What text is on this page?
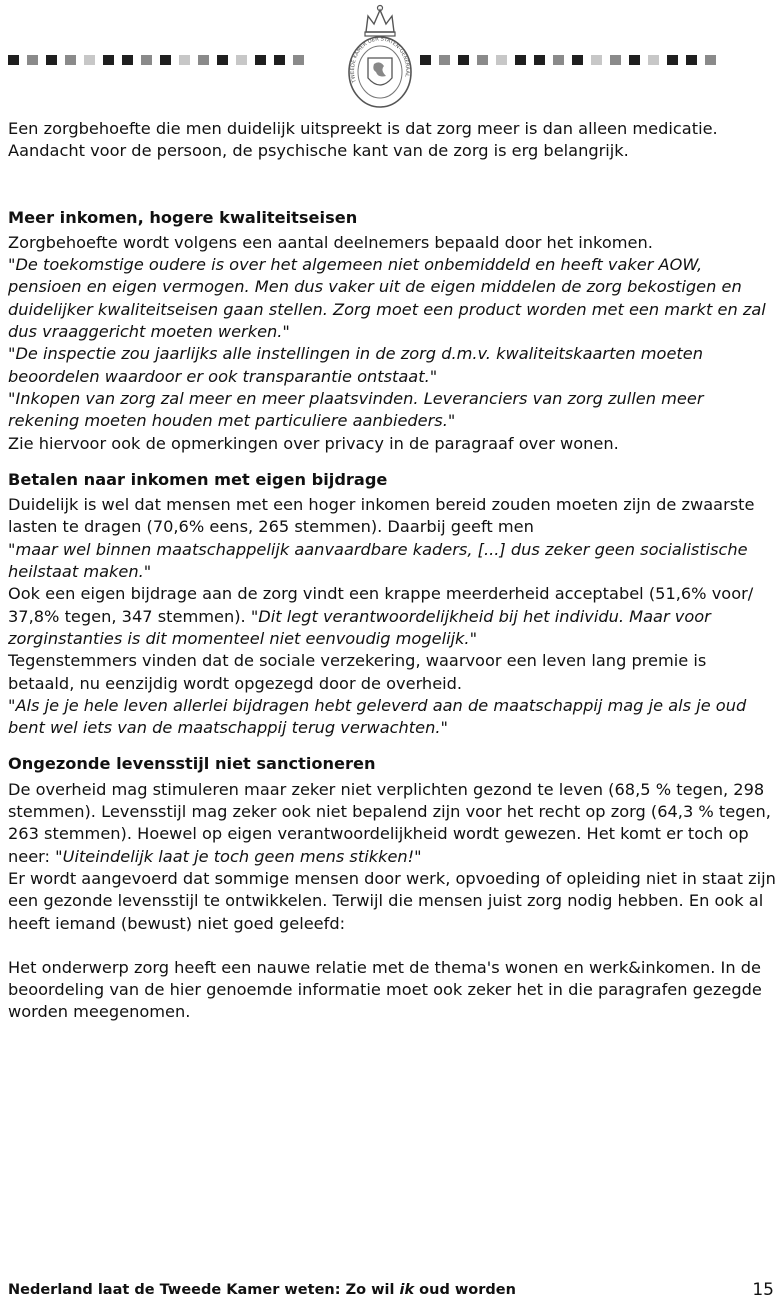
TWEEDE KAMER DER STATEN-GENERAAL

Een zorgbehoefte die men duidelijk uitspreekt is dat zorg meer is dan alleen medicatie. Aandacht voor de persoon, de psychische kant van de zorg is erg belangrijk.

Meer inkomen, hogere kwaliteitseisen

Zorgbehoefte wordt volgens een aantal deelnemers bepaald door het inkomen.

"De toekomstige oudere is over het algemeen niet onbemiddeld en heeft vaker AOW, pensioen en eigen vermogen. Men dus vaker uit de eigen middelen de zorg bekostigen en duidelijker kwaliteitseisen gaan stellen. Zorg moet een product worden met een markt en zal dus vraaggericht moeten werken."

"De inspectie zou jaarlijks alle instellingen in de zorg d.m.v. kwaliteitskaarten moeten beoordelen waardoor er ook transparantie ontstaat."

"Inkopen van zorg zal meer en meer plaatsvinden. Leveranciers van zorg zullen meer rekening moeten houden met particuliere aanbieders."

Zie hiervoor ook de opmerkingen over privacy in de paragraaf over wonen.

Betalen naar inkomen met eigen bijdrage

Duidelijk is wel dat mensen met een hoger inkomen bereid zouden moeten zijn de zwaarste lasten te dragen (70,6% eens, 265 stemmen). Daarbij geeft men

"maar wel binnen maatschappelijk aanvaardbare kaders, [...] dus zeker geen socialistische heilstaat maken."

Ook een eigen bijdrage aan de zorg vindt een krappe meerderheid acceptabel (51,6% voor/ 37,8% tegen, 347 stemmen). "Dit legt verantwoordelijkheid bij het individu. Maar voor zorginstanties is dit momenteel niet eenvoudig mogelijk."

Tegenstemmers vinden dat de sociale verzekering, waarvoor een leven lang premie is betaald, nu eenzijdig wordt opgezegd door de overheid.

"Als je je hele leven allerlei bijdragen hebt geleverd aan de maatschappij mag je als je oud bent wel iets van de maatschappij terug verwachten."

Ongezonde levensstijl niet sanctioneren

De overheid mag stimuleren maar zeker niet verplichten gezond te leven (68,5 % tegen, 298 stemmen). Levensstijl mag zeker ook niet bepalend zijn voor het recht op zorg (64,3 % tegen, 263 stemmen). Hoewel op eigen verantwoordelijkheid wordt gewezen. Het komt er toch op neer: "Uiteindelijk laat je toch geen mens stikken!"

Er wordt aangevoerd dat sommige mensen door werk, opvoeding of opleiding niet in staat zijn een gezonde levensstijl te ontwikkelen. Terwijl die mensen juist zorg nodig hebben. En ook al heeft iemand (bewust) niet goed geleefd:

Het onderwerp zorg heeft een nauwe relatie met de thema's wonen en werk&inkomen. In de beoordeling van de hier genoemde informatie moet ook zeker het in die paragrafen gezegde worden meegenomen.

Nederland laat de Tweede Kamer weten: Zo wil ik oud worden	15
